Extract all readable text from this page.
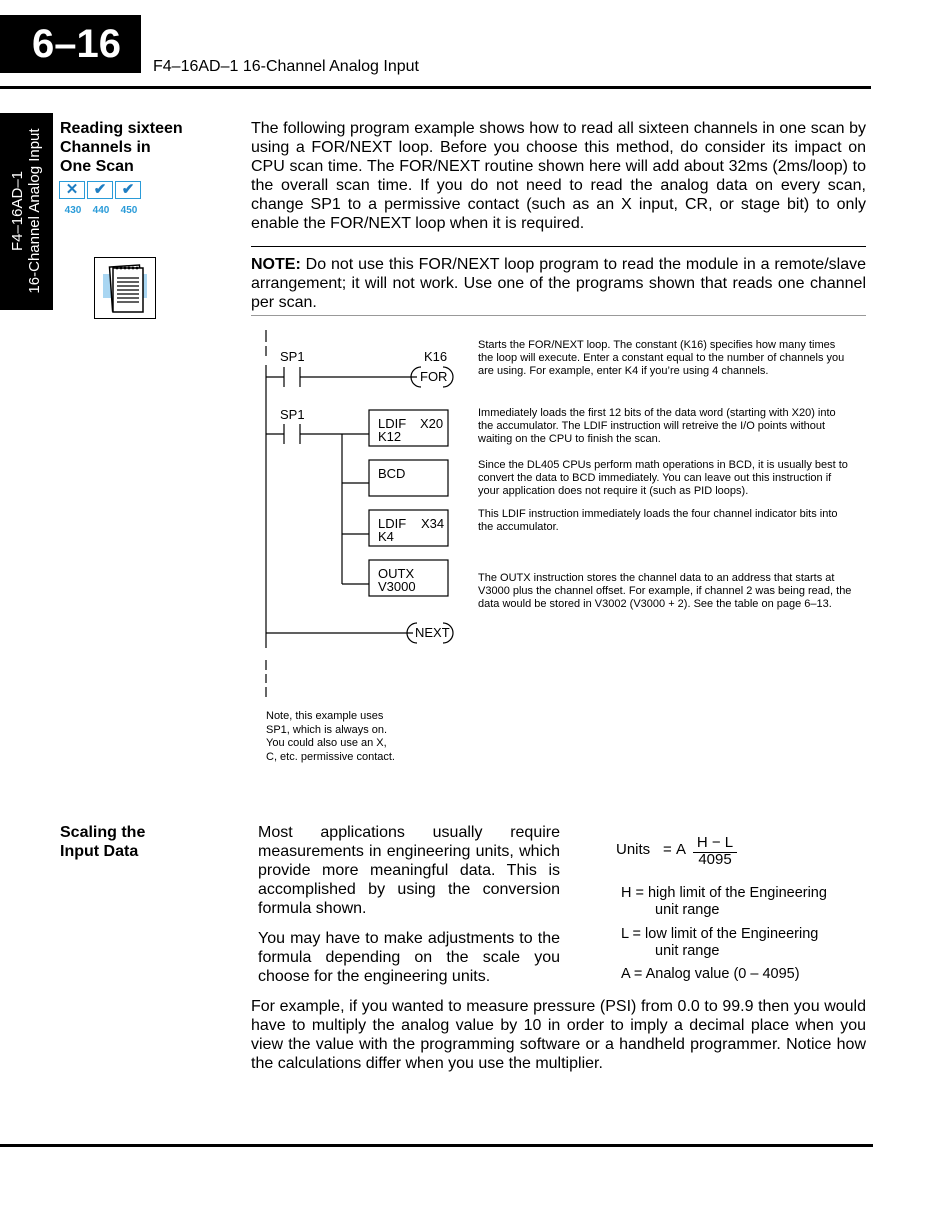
6–16
F4–16AD–1 16-Channel Analog Input
F4–16AD–1 16-Channel Analog Input Reading sixteen
Channels in
One Scan
✕	✔	✔
430	440	450
The following program example shows how to read all sixteen channels in one scan by using a FOR/NEXT loop. Before you choose this method, do consider its impact on CPU scan time. The FOR/NEXT routine shown here will add about 32ms (2ms/loop) to the overall scan time. If you do not need to read the analog data on every scan, change SP1 to a permissive contact (such as an X input, CR, or stage bit) to only enable the FOR/NEXT loop when it is required.
NOTE: Do not use this FOR/NEXT loop program to read the module in a remote/slave arrangement; it will not work. Use one of the programs shown that reads one channel per scan.
SP1	K16
FOR
SP1
LDIF X20
K12
BCD
LDIF X34
K4
OUTX
V3000
NEXT
Starts the FOR/NEXT loop. The constant (K16) specifies how many times the loop will execute. Enter a constant equal to the number of channels you are using. For example, enter K4 if you’re using 4 channels.
Immediately loads the first 12 bits of the data word (starting with X20) into the accumulator. The LDIF instruction will retreive the I/O points without waiting on the CPU to finish the scan.
Since the DL405 CPUs perform math operations in BCD, it is usually best to convert the data to BCD immediately. You can leave out this instruction if your application does not require it (such as PID loops).
This LDIF instruction immediately loads the four channel indicator bits into the accumulator.
The OUTX instruction stores the channel data to an address that starts at V3000 plus the channel offset. For example, if channel 2 was being read, the data would be stored in V3002 (V3000 + 2). See the table on page 6–13.
Note, this example uses SP1, which is always on. You could also use an X, C, etc. permissive contact.
Scaling the
Input Data
Most applications usually require measurements in engineering units, which provide more meaningful data. This is accomplished by using the conversion formula shown.
You may have to make adjustments to the formula depending on the scale you choose for the engineering units.
Units = A H − L
4095
H = high limit of the Engineering
unit range
L = low limit of the Engineering
unit range
A = Analog value (0 – 4095)
For example, if you wanted to measure pressure (PSI) from 0.0 to 99.9 then you would have to multiply the analog value by 10 in order to imply a decimal place when you view the value with the programming software or a handheld programmer. Notice how the calculations differ when you use the multiplier.
